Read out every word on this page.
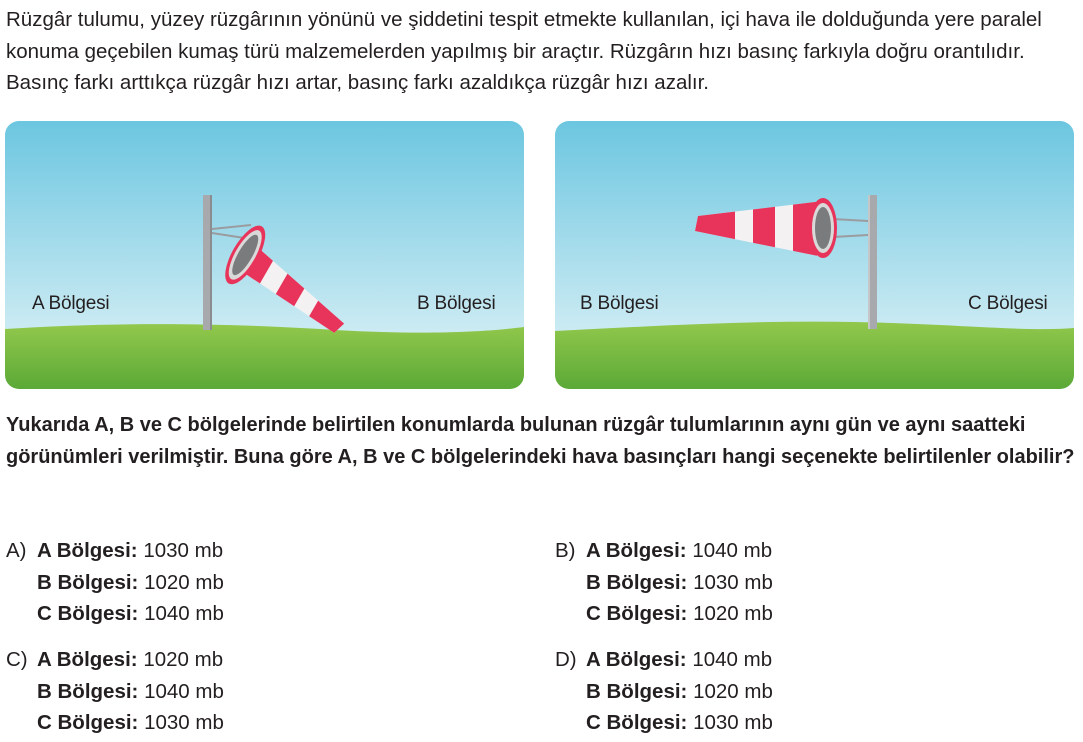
Rüzgâr tulumu, yüzey rüzgârının yönünü ve şiddetini tespit etmekte kullanılan, içi hava ile dolduğunda yere paralel konuma geçebilen kumaş türü malzemelerden yapılmış bir araçtır. Rüzgârın hızı basınç farkıyla doğru orantılıdır. Basınç farkı arttıkça rüzgâr hızı artar, basınç farkı azaldıkça rüzgâr hızı azalır.

A Bölgesi	B Bölgesi	B Bölgesi	C Bölgesi

Yukarıda A, B ve C bölgelerinde belirtilen konumlarda bulunan rüzgâr tulumlarının aynı gün ve aynı saatteki görünümleri verilmiştir. Buna göre A, B ve C bölgelerindeki hava basınçları hangi seçenekte belirtilenler olabilir?

A) A Bölgesi: 1030 mb
B Bölgesi: 1020 mb
C Bölgesi: 1040 mb
B) A Bölgesi: 1040 mb
B Bölgesi: 1030 mb
C Bölgesi: 1020 mb
C) A Bölgesi: 1020 mb
B Bölgesi: 1040 mb
C Bölgesi: 1030 mb
D) A Bölgesi: 1040 mb
B Bölgesi: 1020 mb
C Bölgesi: 1030 mb
